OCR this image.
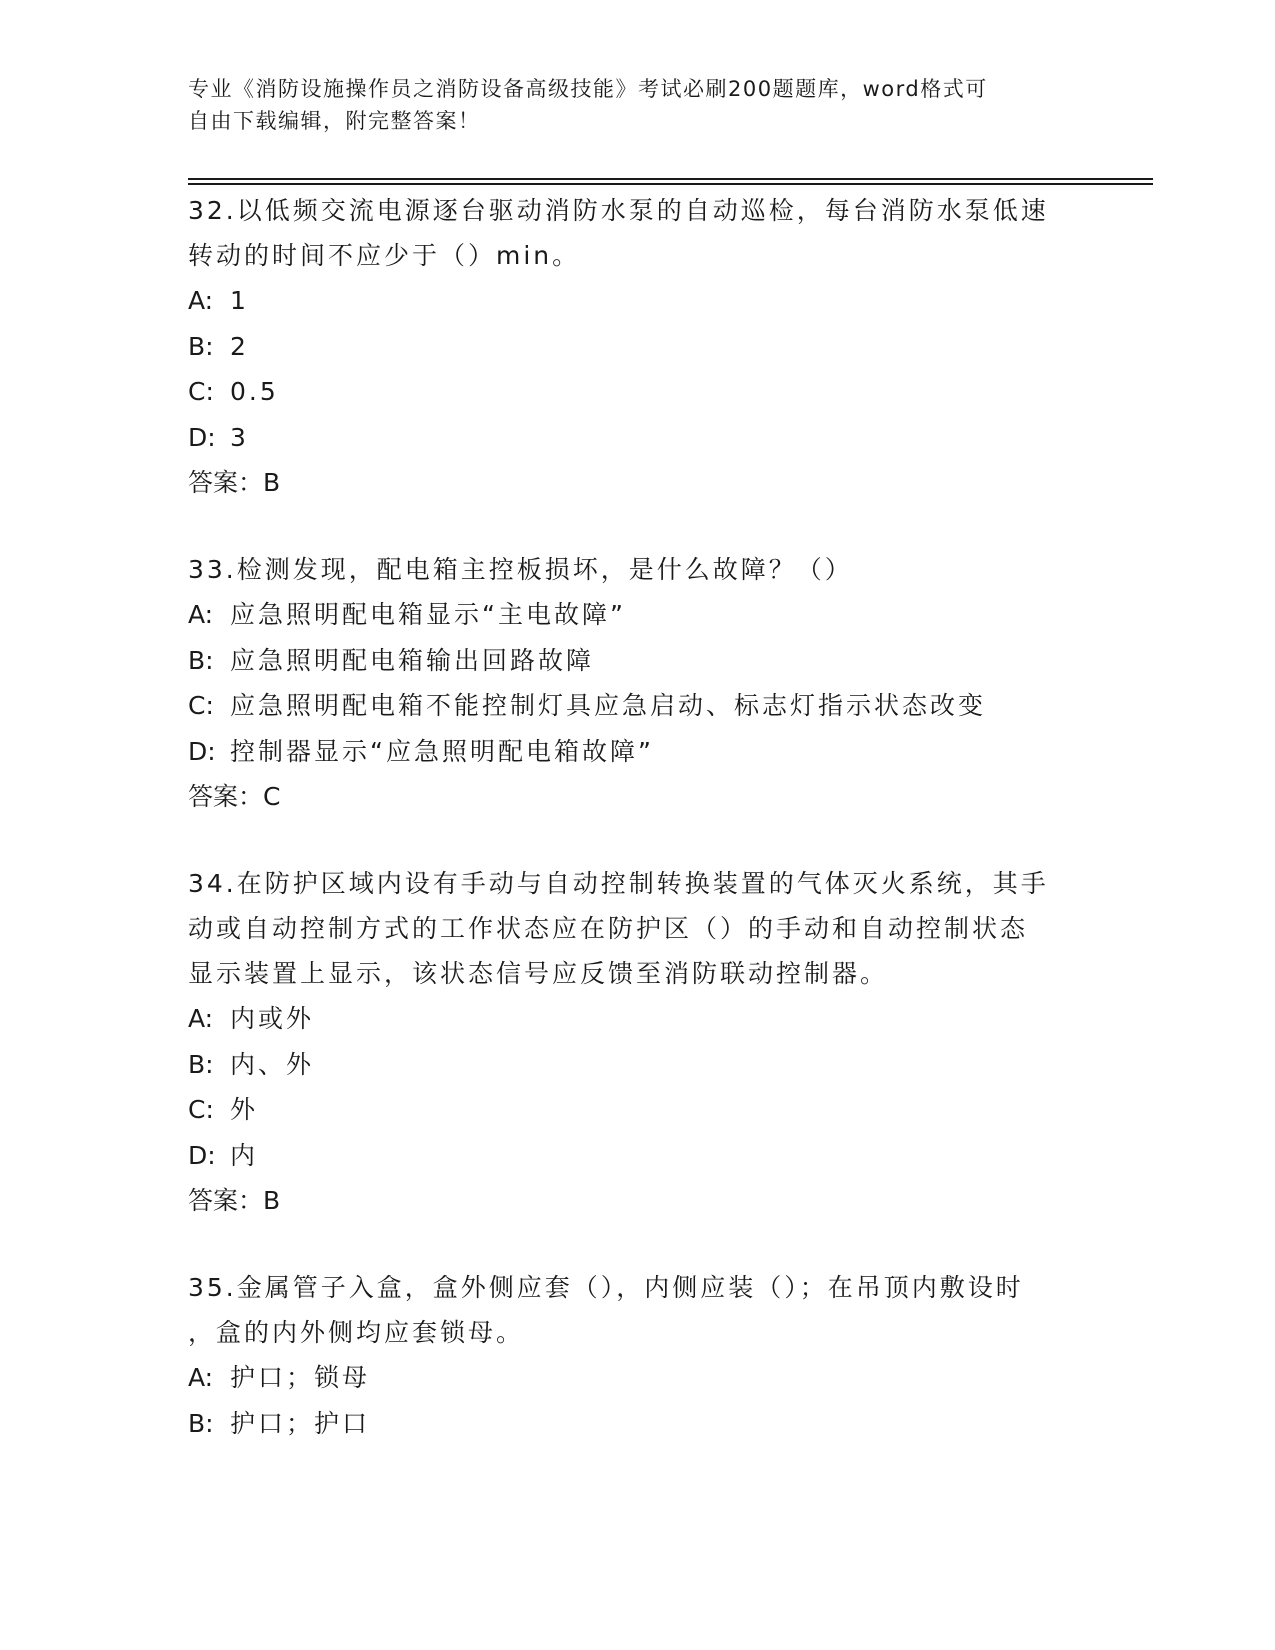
专业《消防设施操作员之消防设备高级技能》考试必刷200题题库，word格式可
自由下载编辑，附完整答案！

32.以低频交流电源逐台驱动消防水泵的自动巡检，每台消防水泵低速

转动的时间不应少于（）min。

A: 1

B: 2

C: 0.5

D: 3

答案：B

33.检测发现，配电箱主控板损坏，是什么故障？（）

A: 应急照明配电箱显示“主电故障”

B: 应急照明配电箱输出回路故障

C: 应急照明配电箱不能控制灯具应急启动、标志灯指示状态改变

D: 控制器显示“应急照明配电箱故障”

答案：C

34.在防护区域内设有手动与自动控制转换装置的气体灭火系统，其手

动或自动控制方式的工作状态应在防护区（）的手动和自动控制状态

显示装置上显示，该状态信号应反馈至消防联动控制器。

A: 内或外

B: 内、外

C: 外

D: 内

答案：B

35.金属管子入盒，盒外侧应套（），内侧应装（）；在吊顶内敷设时

，盒的内外侧均应套锁母。

A: 护口；锁母

B: 护口；护口
